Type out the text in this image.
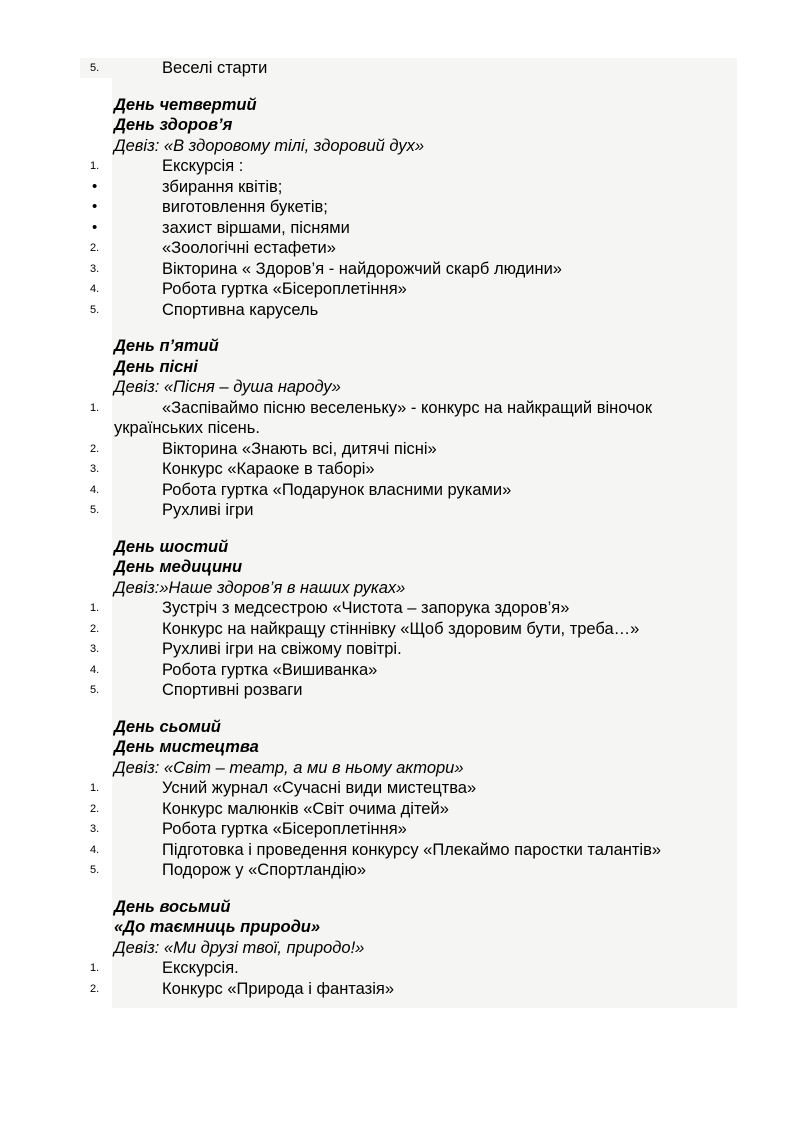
5.	Веселі старти
День четвертий
День здоров’я
Девіз: «В здоровому тілі, здоровий дух»
1.	Екскурсія :
•	збирання квітів;
•	виготовлення букетів;
•	захист віршами, піснями
2.	«Зоологічні естафети»
3.	Вікторина « Здоров’я - найдорожчий скарб людини»
4.	Робота гуртка «Бісероплетіння»
5.	Спортивна карусель
День п’ятий
День пісні
Девіз: «Пісня – душа народу»
1.	«Заспіваймо пісню веселеньку» - конкурс на найкращий віночок
українських пісень.
2.	Вікторина «Знають всі, дитячі пісні»
3.	Конкурс «Караоке в таборі»
4.	Робота гуртка «Подарунок власними руками»
5.	Рухливі ігри
День шостий
День медицини
Девіз:»Наше здоров’я в наших руках»
1.	Зустріч з медсестрою «Чистота – запорука здоров’я»
2.	Конкурс на найкращу стіннівку «Щоб здоровим бути, треба…»
3.	Рухливі ігри на свіжому повітрі.
4.	Робота гуртка «Вишиванка»
5.	Спортивні розваги
День сьомий
День мистецтва
Девіз: «Світ – театр, а ми в ньому актори»
1.	Усний журнал «Сучасні види мистецтва»
2.	Конкурс малюнків «Світ очима дітей»
3.	Робота гуртка «Бісероплетіння»
4.	Підготовка і проведення конкурсу «Плекаймо паростки талантів»
5.	Подорож у «Спортландію»
День восьмий
«До таємниць природи»
Девіз: «Ми друзі твої, природо!»
1.	Екскурсія.
2.	Конкурс «Природа і фантазія»
